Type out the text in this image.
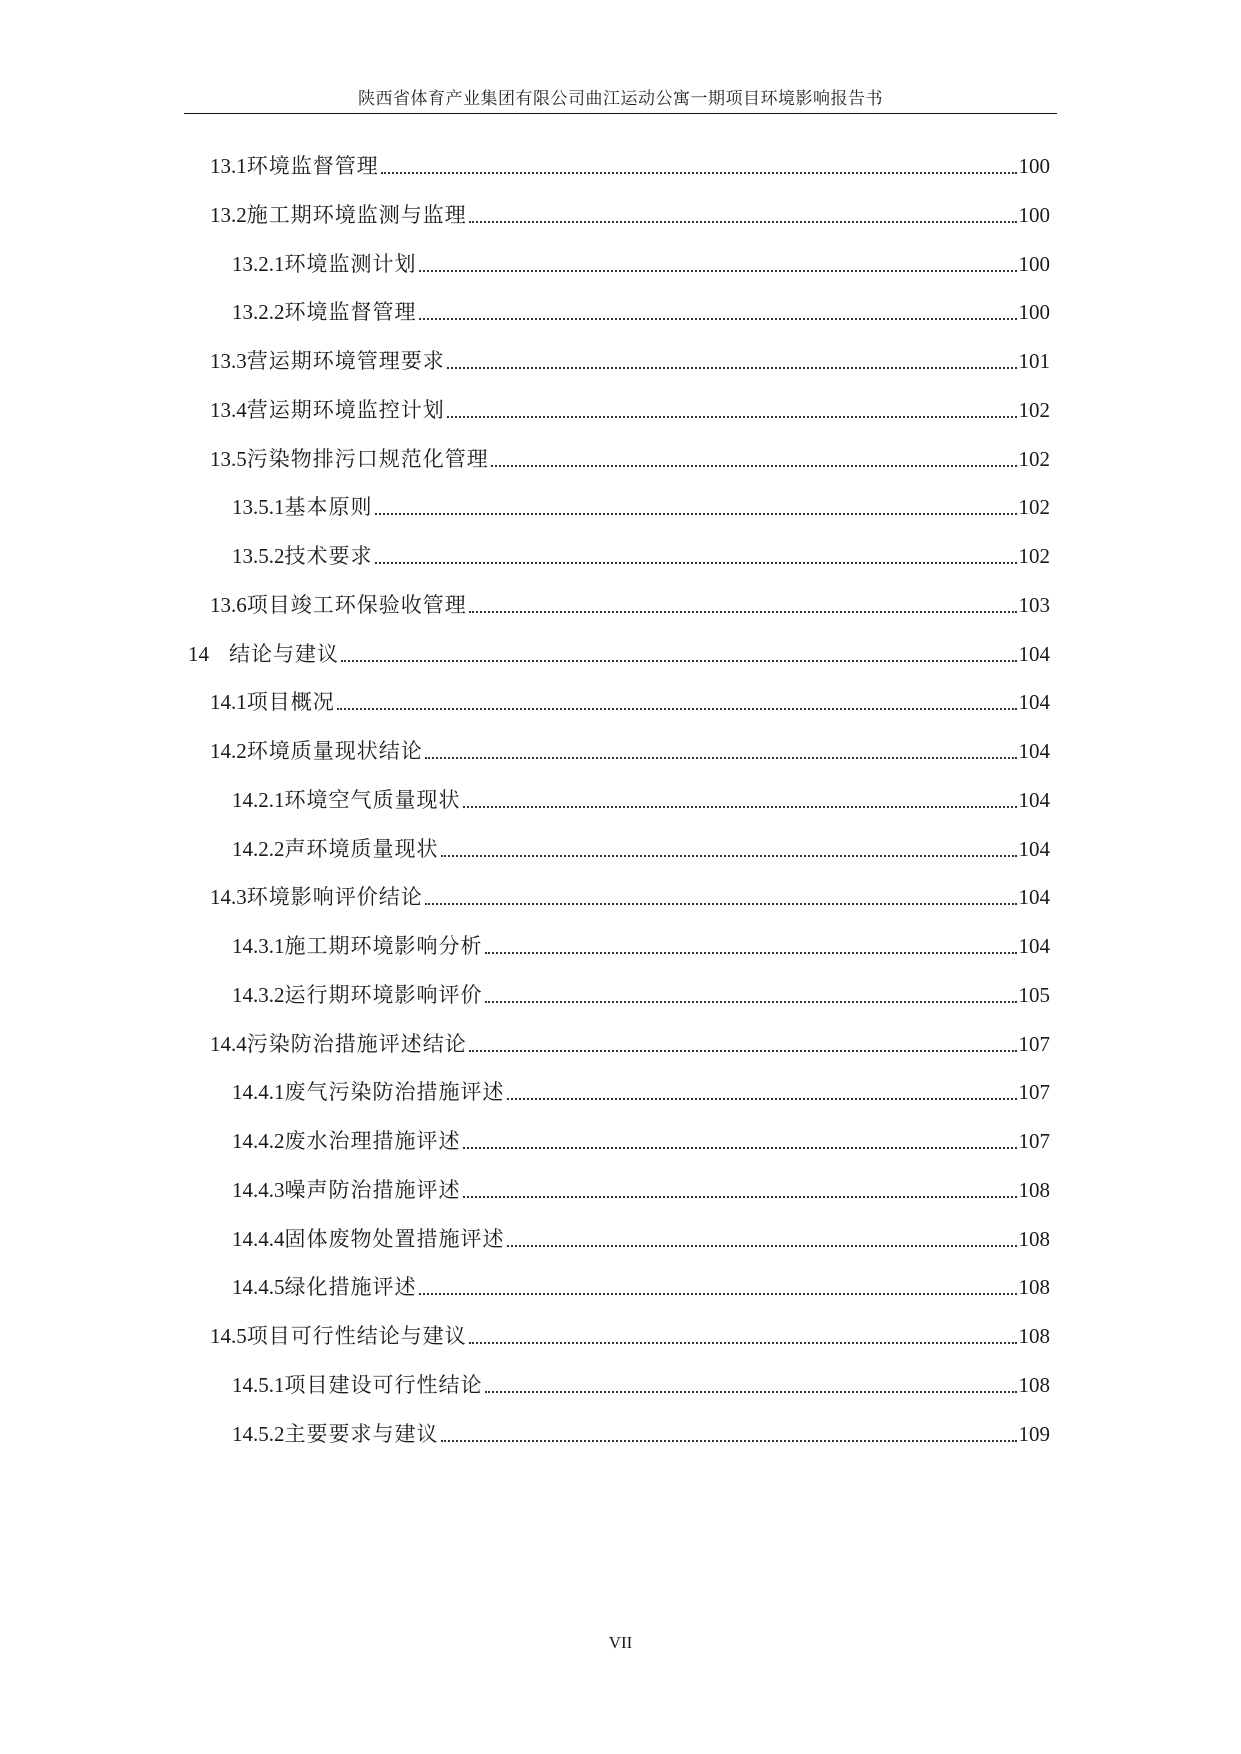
陕西省体育产业集团有限公司曲江运动公寓一期项目环境影响报告书
13.1 环境监督管理	100
13.2 施工期环境监测与监理	100
13.2.1 环境监测计划	100
13.2.2 环境监督管理	100
13.3 营运期环境管理要求	101
13.4 营运期环境监控计划	102
13.5 污染物排污口规范化管理	102
13.5.1 基本原则	102
13.5.2 技术要求	102
13.6 项目竣工环保验收管理	103
14 结论与建议	104
14.1 项目概况	104
14.2 环境质量现状结论	104
14.2.1 环境空气质量现状	104
14.2.2 声环境质量现状	104
14.3 环境影响评价结论	104
14.3.1 施工期环境影响分析	104
14.3.2 运行期环境影响评价	105
14.4 污染防治措施评述结论	107
14.4.1 废气污染防治措施评述	107
14.4.2 废水治理措施评述	107
14.4.3 噪声防治措施评述	108
14.4.4 固体废物处置措施评述	108
14.4.5 绿化措施评述	108
14.5 项目可行性结论与建议	108
14.5.1 项目建设可行性结论	108
14.5.2 主要要求与建议	109
VII
